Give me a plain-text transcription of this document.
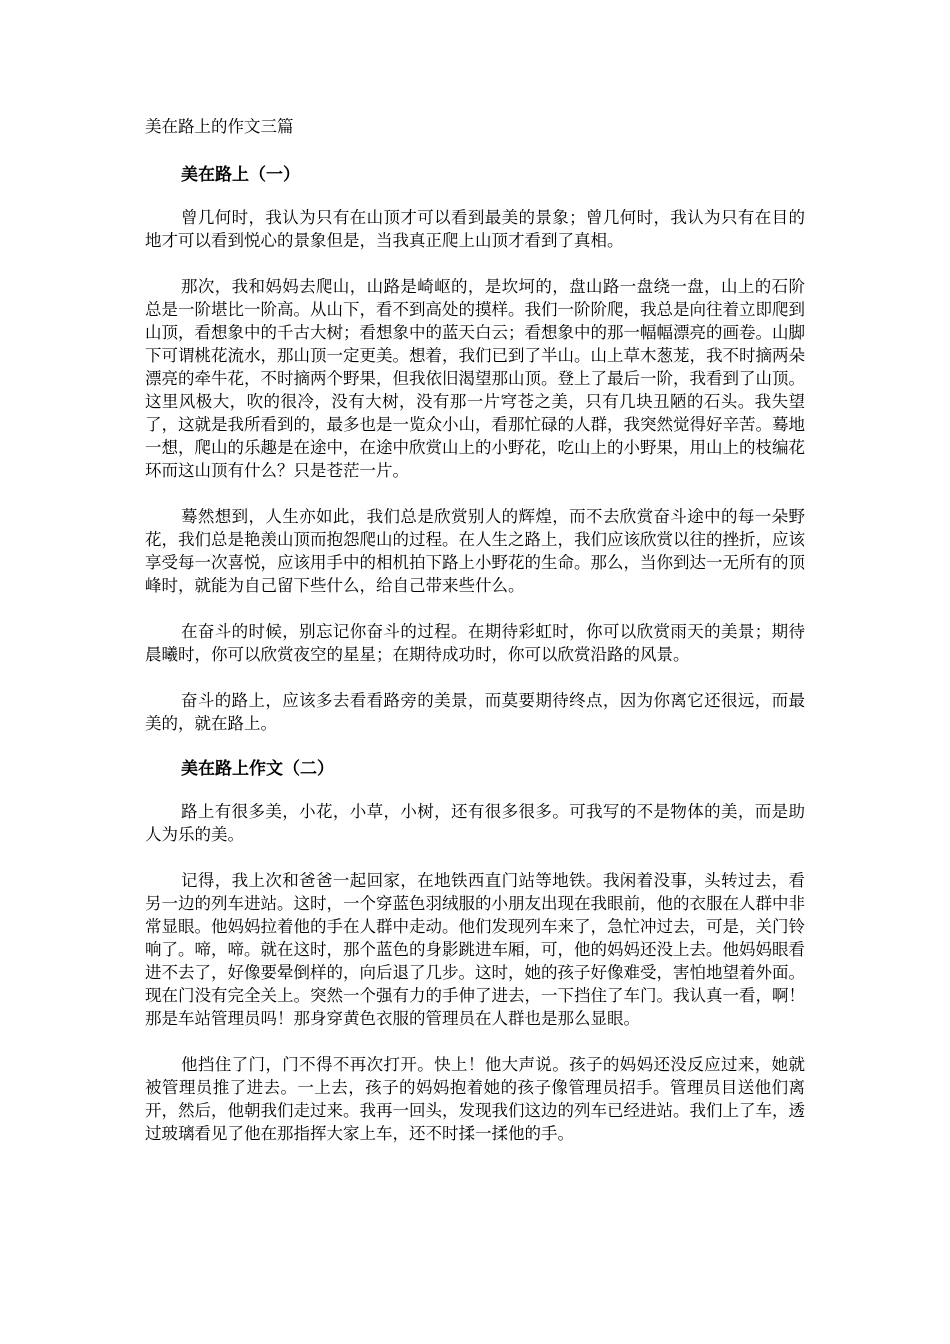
美在路上的作文三篇
美在路上（一）

曾几何时，我认为只有在山顶才可以看到最美的景象；曾几何时，我认为只有在目的地才可以看到悦心的景象但是，当我真正爬上山顶才看到了真相。

那次，我和妈妈去爬山，山路是崎岖的，是坎坷的，盘山路一盘绕一盘，山上的石阶总是一阶堪比一阶高。从山下，看不到高处的摸样。我们一阶阶爬，我总是向往着立即爬到山顶，看想象中的千古大树；看想象中的蓝天白云；看想象中的那一幅幅漂亮的画卷。山脚下可谓桃花流水，那山顶一定更美。想着，我们已到了半山。山上草木葱茏，我不时摘两朵漂亮的牵牛花，不时摘两个野果，但我依旧渴望那山顶。登上了最后一阶，我看到了山顶。这里风极大，吹的很冷，没有大树，没有那一片穹苍之美，只有几块丑陋的石头。我失望了，这就是我所看到的，最多也是一览众小山，看那忙碌的人群，我突然觉得好辛苦。蓦地一想，爬山的乐趣是在途中，在途中欣赏山上的小野花，吃山上的小野果，用山上的枝编花环而这山顶有什么？只是苍茫一片。

蓦然想到，人生亦如此，我们总是欣赏别人的辉煌，而不去欣赏奋斗途中的每一朵野花，我们总是艳羡山顶而抱怨爬山的过程。在人生之路上，我们应该欣赏以往的挫折，应该享受每一次喜悦，应该用手中的相机拍下路上小野花的生命。那么，当你到达一无所有的顶峰时，就能为自己留下些什么，给自己带来些什么。

在奋斗的时候，别忘记你奋斗的过程。在期待彩虹时，你可以欣赏雨天的美景；期待晨曦时，你可以欣赏夜空的星星；在期待成功时，你可以欣赏沿路的风景。

奋斗的路上，应该多去看看路旁的美景，而莫要期待终点，因为你离它还很远，而最美的，就在路上。

美在路上作文（二）

路上有很多美，小花，小草，小树，还有很多很多。可我写的不是物体的美，而是助人为乐的美。

记得，我上次和爸爸一起回家，在地铁西直门站等地铁。我闲着没事，头转过去，看另一边的列车进站。这时，一个穿蓝色羽绒服的小朋友出现在我眼前，他的衣服在人群中非常显眼。他妈妈拉着他的手在人群中走动。他们发现列车来了，急忙冲过去，可是，关门铃响了。啼，啼。就在这时，那个蓝色的身影跳进车厢，可，他的妈妈还没上去。他妈妈眼看进不去了，好像要晕倒样的，向后退了几步。这时，她的孩子好像难受，害怕地望着外面。现在门没有完全关上。突然一个强有力的手伸了进去，一下挡住了车门。我认真一看，啊！那是车站管理员吗！那身穿黄色衣服的管理员在人群也是那么显眼。

他挡住了门，门不得不再次打开。快上！他大声说。孩子的妈妈还没反应过来，她就被管理员推了进去。一上去，孩子的妈妈抱着她的孩子像管理员招手。管理员目送他们离开，然后，他朝我们走过来。我再一回头，发现我们这边的列车已经进站。我们上了车，透过玻璃看见了他在那指挥大家上车，还不时揉一揉他的手。
